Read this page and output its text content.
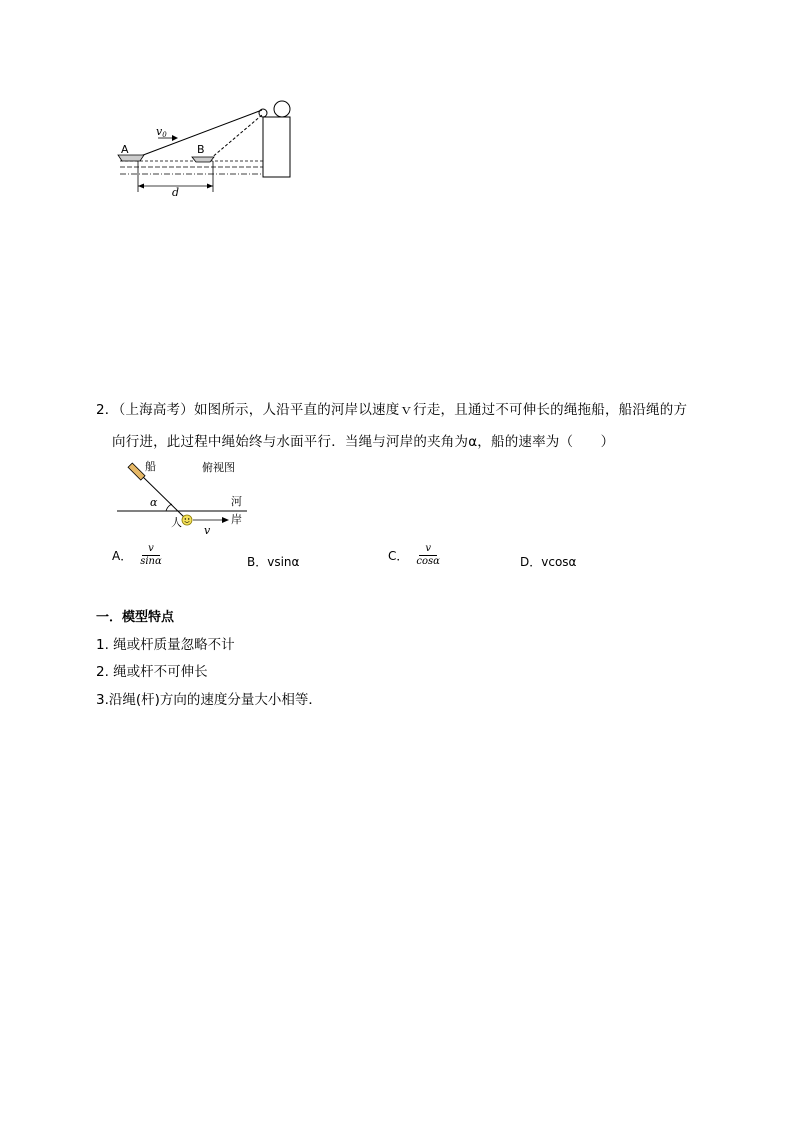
A	B
v0
d
2．（上海高考）如图所示，人沿平直的河岸以速度ｖ行走，且通过不可伸长的绳拖船，船沿绳的方
向行进，此过程中绳始终与水面平行．当绳与河岸的夹角为α，船的速率为（　　）
船	俯视图
河
岸
α
人
v
A． $\frac{v}{\sin\alpha}$	B． vsinα	C． $\frac{v}{\cos\alpha}$	D． vcosα
一．模型特点
1. 绳或杆质量忽略不计
2. 绳或杆不可伸长
3.沿绳(杆)方向的速度分量大小相等．
